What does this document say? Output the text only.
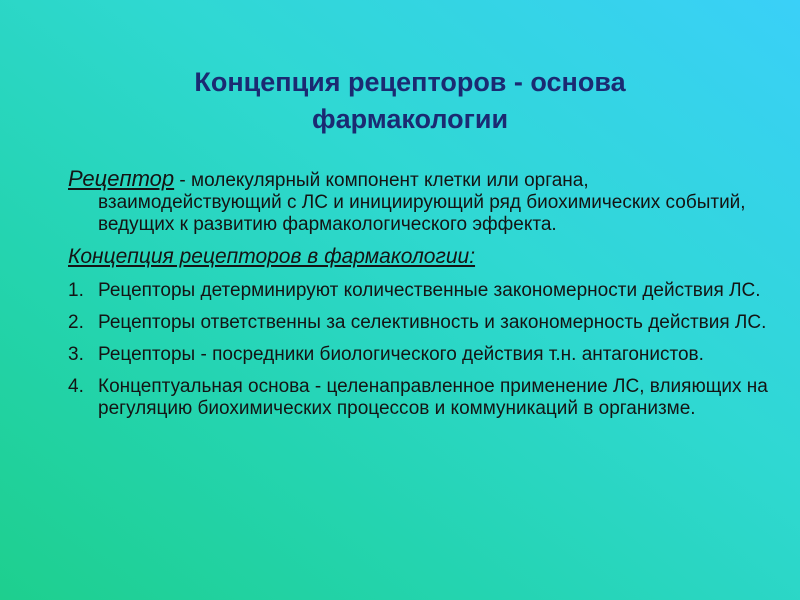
Концепция рецепторов - основа фармакологии

Рецептор - молекулярный компонент клетки или органа, взаимодействующий с ЛС и инициирующий ряд биохимических событий, ведущих к развитию фармакологического эффекта.

Концепция рецепторов в фармакологии:
1. Рецепторы детерминируют количественные закономерности действия ЛС.
2. Рецепторы ответственны за селективность и закономерность действия ЛС.
3. Рецепторы - посредники биологического действия т.н. антагонистов.
4. Концептуальная основа - целенаправленное применение ЛС, влияющих на регуляцию биохимических процессов и коммуникаций в организме.
